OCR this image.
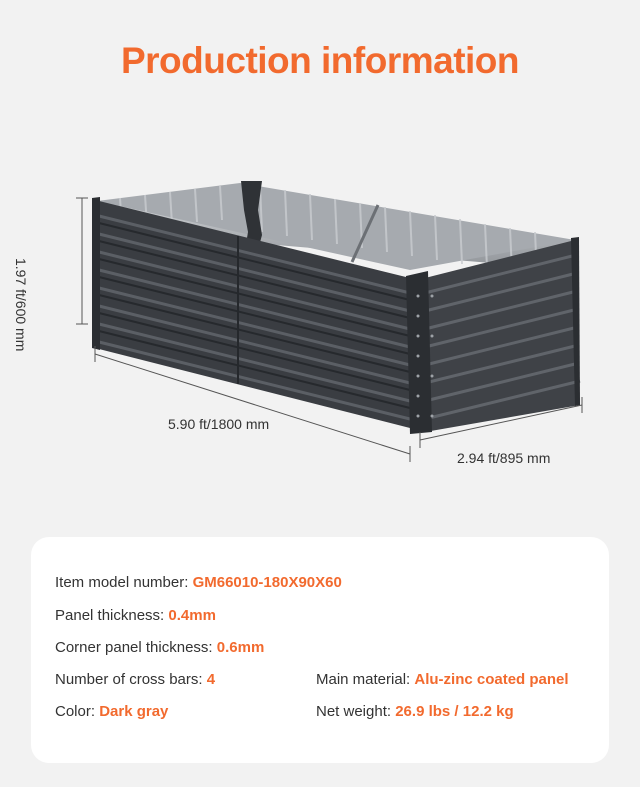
Production information
1.97 ft/600 mm
5.90 ft/1800 mm
2.94 ft/895 mm
Item model number: GM66010-180X90X60
Panel thickness: 0.4mm
Corner panel thickness: 0.6mm
Number of cross bars: 4	Main material: Alu-zinc coated panel
Color: Dark gray	Net weight: 26.9 lbs / 12.2 kg
